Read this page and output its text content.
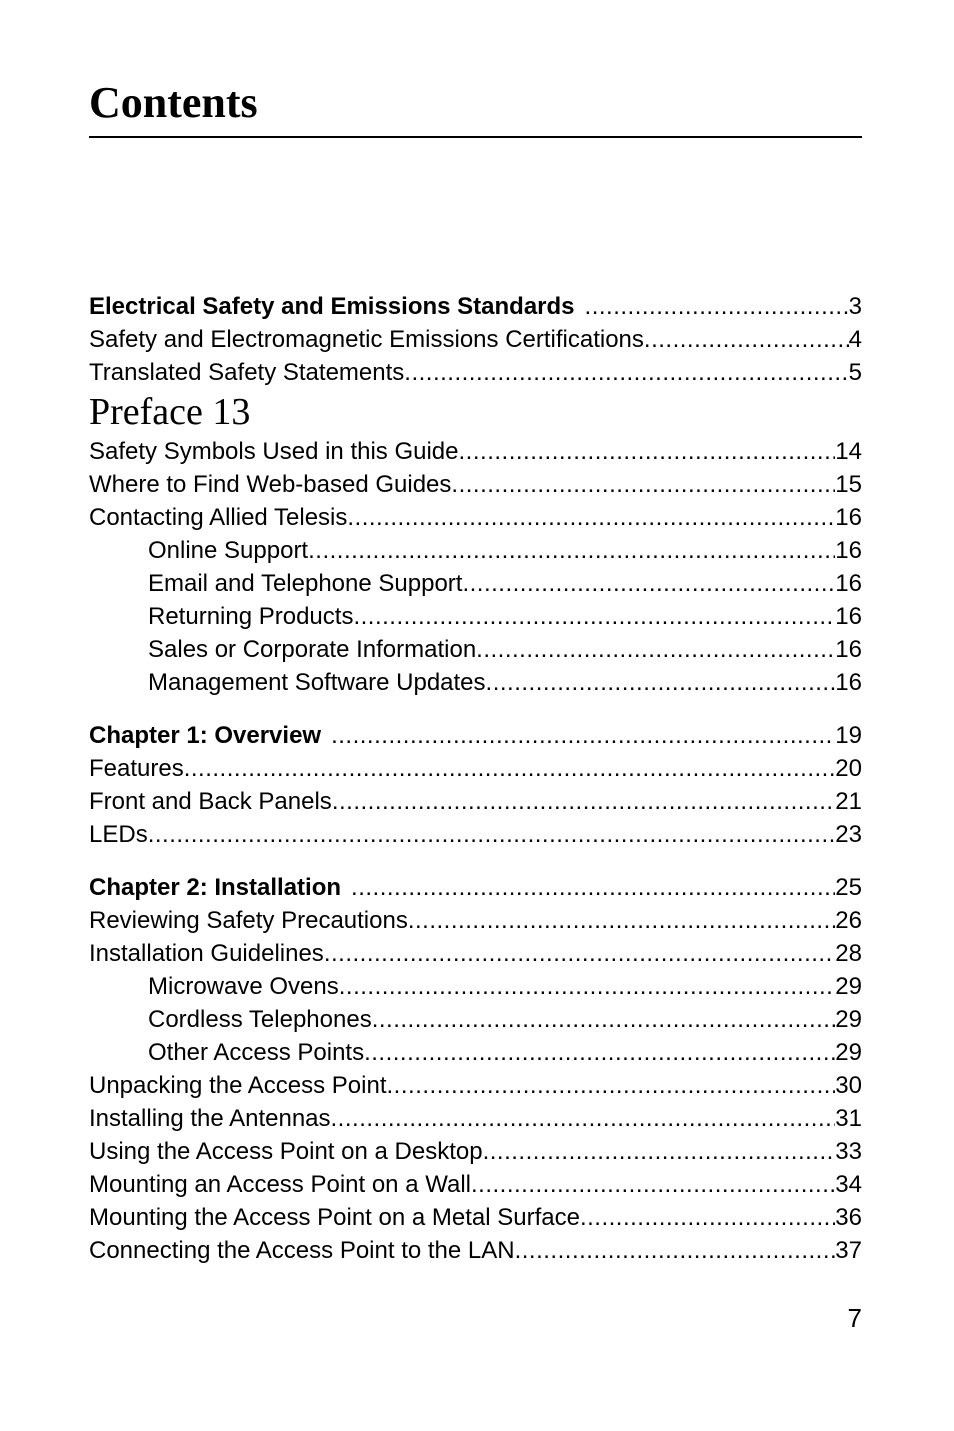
Contents
Electrical Safety and Emissions Standards .....	3
Safety and Electromagnetic Emissions Certifications .....	4
Translated Safety Statements .....	5
Preface 13
Safety Symbols Used in this Guide .....	14
Where to Find Web-based Guides .....	15
Contacting Allied Telesis .....	16
Online Support .....	16
Email and Telephone Support .....	16
Returning Products .....	16
Sales or Corporate Information .....	16
Management Software Updates .....	16
Chapter 1: Overview .....	19
Features .....	20
Front and Back Panels .....	21
LEDs .....	23
Chapter 2: Installation .....	25
Reviewing Safety Precautions .....	26
Installation Guidelines .....	28
Microwave Ovens .....	29
Cordless Telephones .....	29
Other Access Points .....	29
Unpacking the Access Point .....	30
Installing the Antennas .....	31
Using the Access Point on a Desktop .....	33
Mounting an Access Point on a Wall .....	34
Mounting the Access Point on a Metal Surface .....	36
Connecting the Access Point to the LAN .....	37
7
